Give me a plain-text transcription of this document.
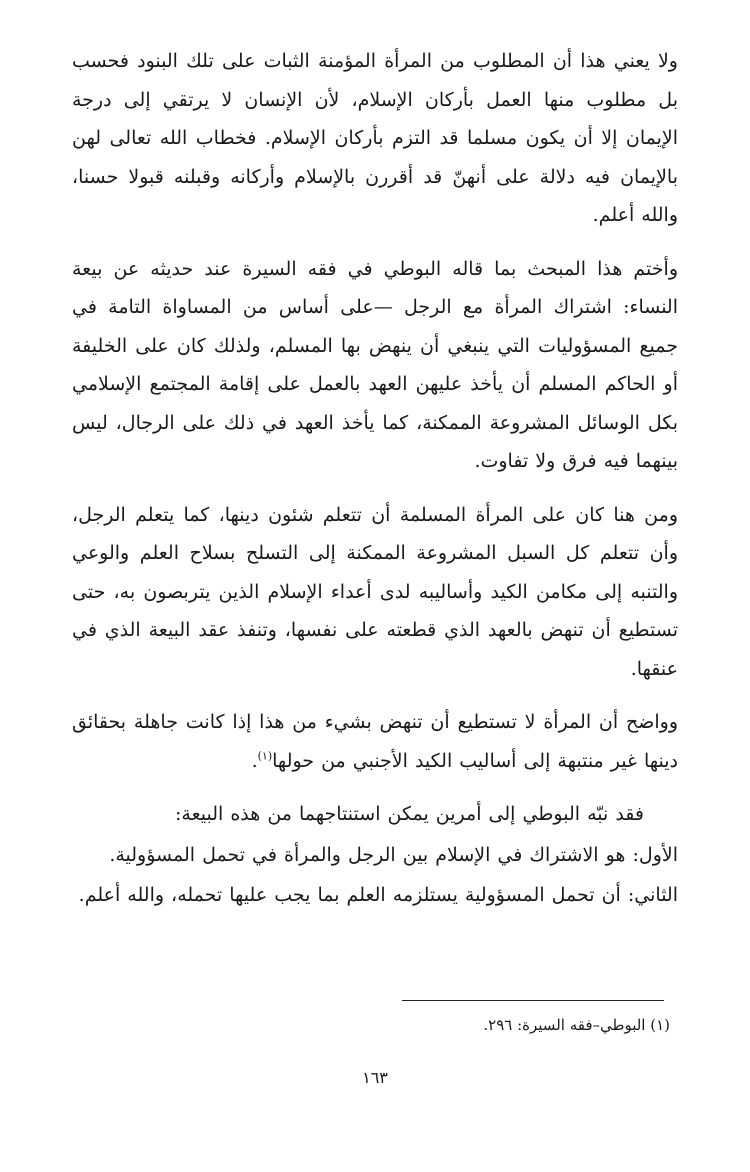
ولا يعني هذا أن المطلوب من المرأة المؤمنة الثبات على تلك البنود فحسب بل مطلوب منها العمل بأركان الإسلام، لأن الإنسان لا يرتقي إلى درجة الإيمان إلا أن يكون مسلما قد التزم بأركان الإسلام. فخطاب الله تعالى لهن بالإيمان فيه دلالة على أنهنّ قد أقررن بالإسلام وأركانه وقبلنه قبولا حسنا، والله أعلم.

وأختم هذا المبحث بما قاله البوطي في فقه السيرة عند حديثه عن بيعة النساء: اشتراك المرأة مع الرجل —على أساس من المساواة التامة في جميع المسؤوليات التي ينبغي أن ينهض بها المسلم، ولذلك كان على الخليفة أو الحاكم المسلم أن يأخذ عليهن العهد بالعمل على إقامة المجتمع الإسلامي بكل الوسائل المشروعة الممكنة، كما يأخذ العهد في ذلك على الرجال، ليس بينهما فيه فرق ولا تفاوت.

ومن هنا كان على المرأة المسلمة أن تتعلم شئون دينها، كما يتعلم الرجل، وأن تتعلم كل السبل المشروعة الممكنة إلى التسلح بسلاح العلم والوعي والتنبه إلى مكامن الكيد وأساليبه لدى أعداء الإسلام الذين يتربصون به، حتى تستطيع أن تنهض بالعهد الذي قطعته على نفسها، وتنفذ عقد البيعة الذي في عنقها.

وواضح أن المرأة لا تستطيع أن تنهض بشيء من هذا إذا كانت جاهلة بحقائق دينها غير منتبهة إلى أساليب الكيد الأجنبي من حولها$^{(١)}$.

فقد نبّه البوطي إلى أمرين يمكن استنتاجهما من هذه البيعة:

الأول: هو الاشتراك في الإسلام بين الرجل والمرأة في تحمل المسؤولية.

الثاني: أن تحمل المسؤولية يستلزمه العلم بما يجب عليها تحمله، والله أعلم.

(١) البوطي–فقه السيرة: ٢٩٦.

١٦٣
